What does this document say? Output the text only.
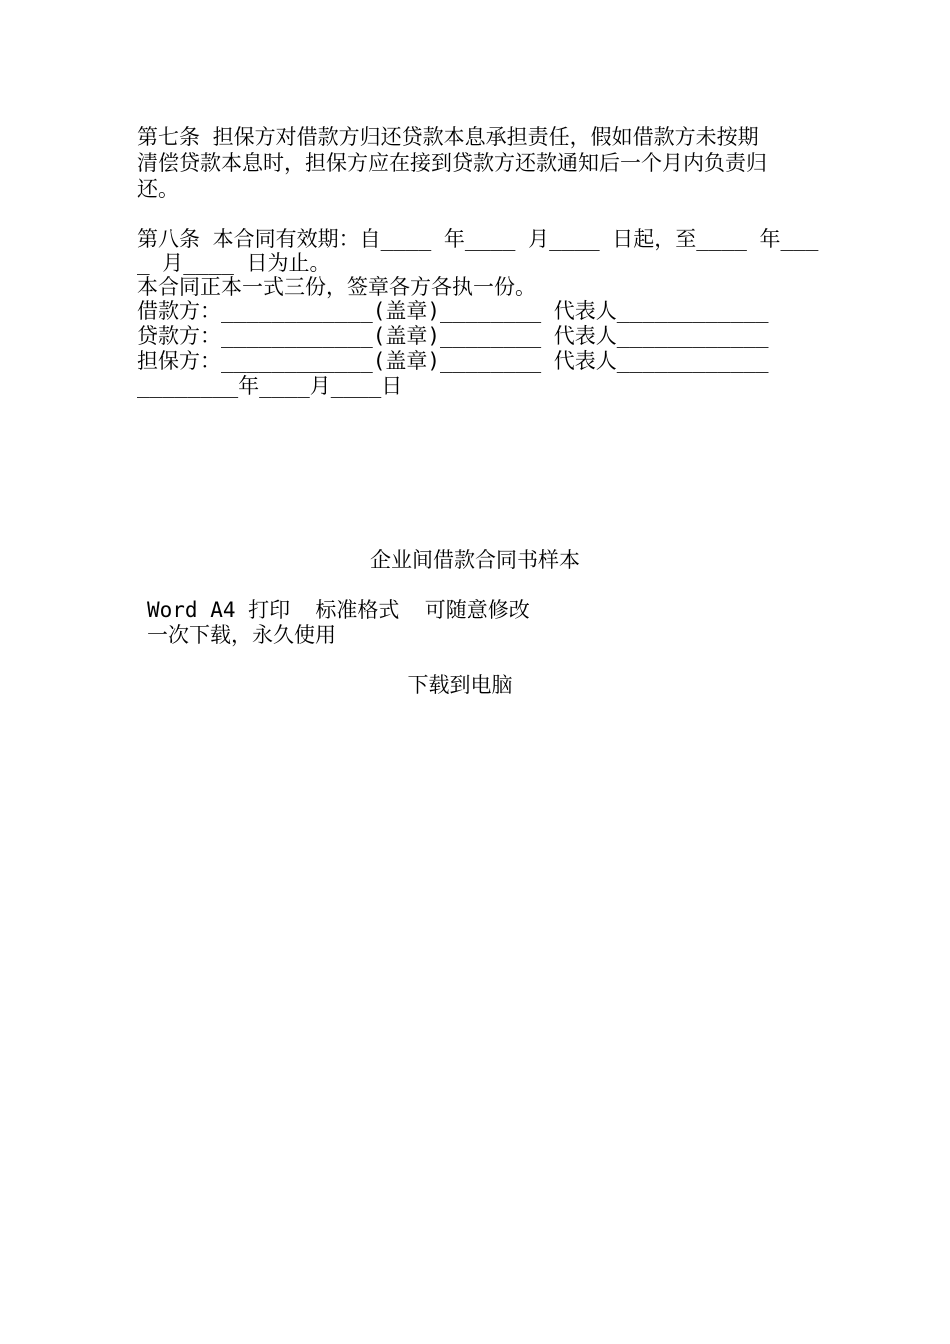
第七条 担保方对借款方归还贷款本息承担责任，假如借款方未按期
清偿贷款本息时，担保方应在接到贷款方还款通知后一个月内负责归
还。
第八条 本合同有效期：自____ 年____ 月____ 日起，至____ 年___
_ 月____ 日为止。
本合同正本一式三份，签章各方各执一份。
借款方：____________(盖章)________ 代表人____________
贷款方：____________(盖章)________ 代表人____________
担保方：____________(盖章)________ 代表人____________
________年____月____日
企业间借款合同书样本
Word A4 打印  标准格式  可随意修改
一次下载，永久使用
下载到电脑
